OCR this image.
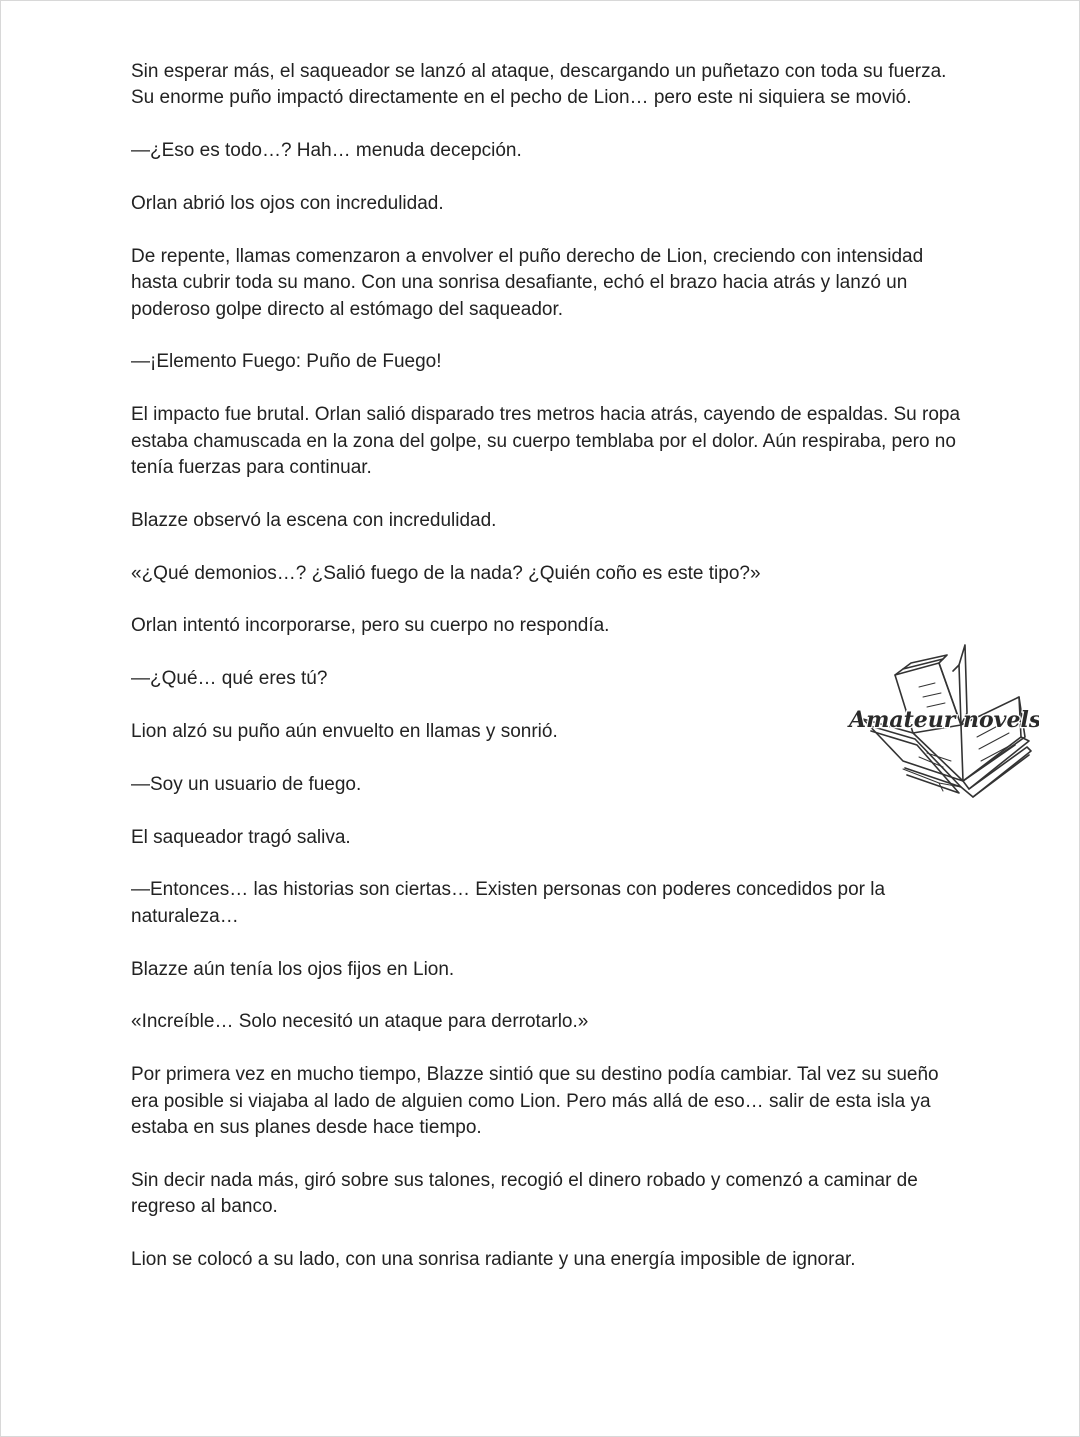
Sin esperar más, el saqueador se lanzó al ataque, descargando un puñetazo con toda su fuerza. Su enorme puño impactó directamente en el pecho de Lion… pero este ni siquiera se movió.

—¿Eso es todo…? Hah… menuda decepción.

Orlan abrió los ojos con incredulidad.

De repente, llamas comenzaron a envolver el puño derecho de Lion, creciendo con intensidad hasta cubrir toda su mano. Con una sonrisa desafiante, echó el brazo hacia atrás y lanzó un poderoso golpe directo al estómago del saqueador.

—¡Elemento Fuego: Puño de Fuego!

El impacto fue brutal. Orlan salió disparado tres metros hacia atrás, cayendo de espaldas. Su ropa estaba chamuscada en la zona del golpe, su cuerpo temblaba por el dolor. Aún respiraba, pero no tenía fuerzas para continuar.

Blazze observó la escena con incredulidad.

«¿Qué demonios…? ¿Salió fuego de la nada? ¿Quién coño es este tipo?»

Orlan intentó incorporarse, pero su cuerpo no respondía.

—¿Qué… qué eres tú?

Lion alzó su puño aún envuelto en llamas y sonrió.

—Soy un usuario de fuego.

El saqueador tragó saliva.

—Entonces… las historias son ciertas… Existen personas con poderes concedidos por la naturaleza…

Blazze aún tenía los ojos fijos en Lion.

«Increíble… Solo necesitó un ataque para derrotarlo.»

Por primera vez en mucho tiempo, Blazze sintió que su destino podía cambiar. Tal vez su sueño era posible si viajaba al lado de alguien como Lion. Pero más allá de eso… salir de esta isla ya estaba en sus planes desde hace tiempo.

Sin decir nada más, giró sobre sus talones, recogió el dinero robado y comenzó a caminar de regreso al banco.

Lion se colocó a su lado, con una sonrisa radiante y una energía imposible de ignorar.

Amateur novels
